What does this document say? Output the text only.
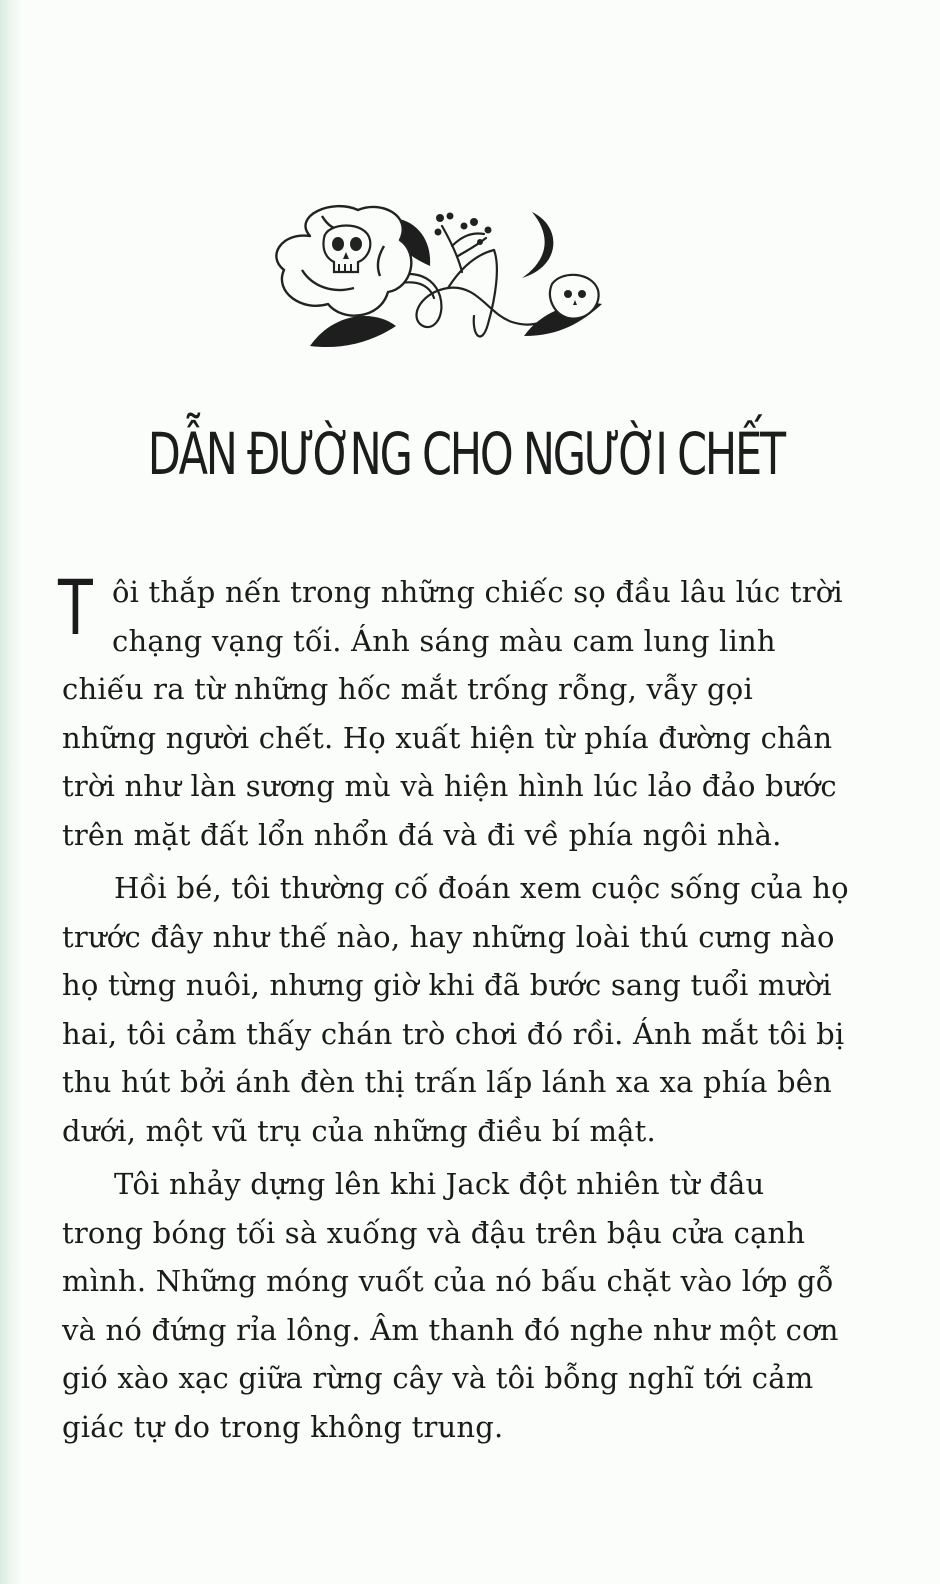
DẪN ĐƯỜNG CHO NGƯỜI CHẾT

Tôi thắp nến trong những chiếc sọ đầu lâu lúc trời chạng vạng tối. Ánh sáng màu cam lung linh chiếu ra từ những hốc mắt trống rỗng, vẫy gọi những người chết. Họ xuất hiện từ phía đường chân trời như làn sương mù và hiện hình lúc lảo đảo bước trên mặt đất lổn nhổn đá và đi về phía ngôi nhà.

Hồi bé, tôi thường cố đoán xem cuộc sống của họ trước đây như thế nào, hay những loài thú cưng nào họ từng nuôi, nhưng giờ khi đã bước sang tuổi mười hai, tôi cảm thấy chán trò chơi đó rồi. Ánh mắt tôi bị thu hút bởi ánh đèn thị trấn lấp lánh xa xa phía bên dưới, một vũ trụ của những điều bí mật.

Tôi nhảy dựng lên khi Jack đột nhiên từ đâu trong bóng tối sà xuống và đậu trên bậu cửa cạnh mình. Những móng vuốt của nó bấu chặt vào lớp gỗ và nó đứng rỉa lông. Âm thanh đó nghe như một cơn gió xào xạc giữa rừng cây và tôi bỗng nghĩ tới cảm giác tự do trong không trung.
